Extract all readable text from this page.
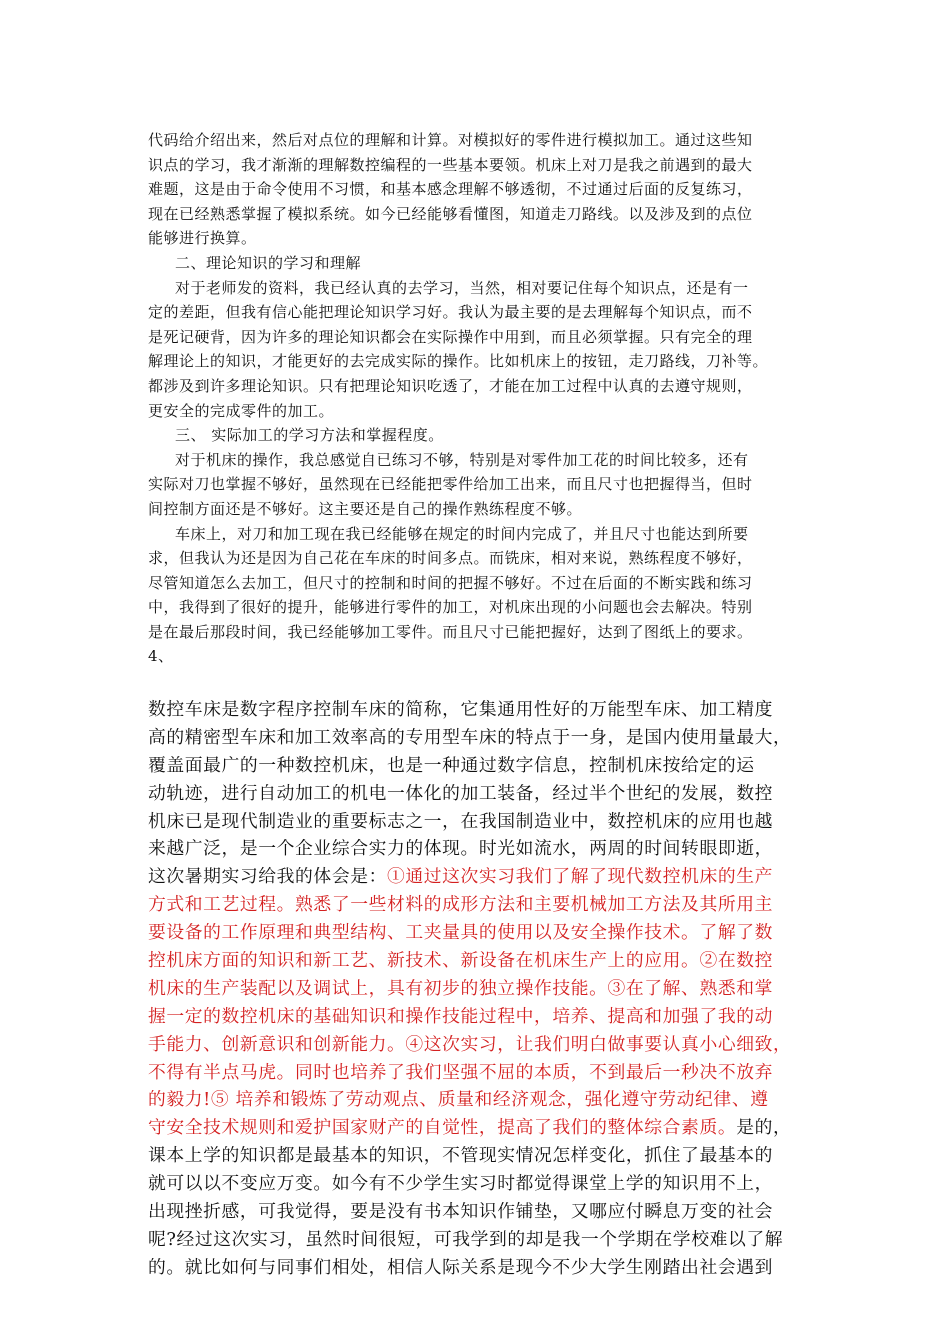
代码给介绍出来，然后对点位的理解和计算。对模拟好的零件进行模拟加工。通过这些知
识点的学习，我才渐渐的理解数控编程的一些基本要领。机床上对刀是我之前遇到的最大
难题，这是由于命令使用不习惯，和基本感念理解不够透彻，不过通过后面的反复练习，
现在已经熟悉掌握了模拟系统。如今已经能够看懂图，知道走刀路线。以及涉及到的点位
能够进行换算。
二、理论知识的学习和理解
对于老师发的资料，我已经认真的去学习，当然，相对要记住每个知识点，还是有一
定的差距，但我有信心能把理论知识学习好。我认为最主要的是去理解每个知识点，而不
是死记硬背，因为许多的理论知识都会在实际操作中用到，而且必须掌握。只有完全的理
解理论上的知识，才能更好的去完成实际的操作。比如机床上的按钮，走刀路线，刀补等。
都涉及到许多理论知识。只有把理论知识吃透了，才能在加工过程中认真的去遵守规则，
更安全的完成零件的加工。
三、 实际加工的学习方法和掌握程度。
对于机床的操作，我总感觉自已练习不够，特别是对零件加工花的时间比较多，还有
实际对刀也掌握不够好，虽然现在已经能把零件给加工出来，而且尺寸也把握得当，但时
间控制方面还是不够好。这主要还是自己的操作熟练程度不够。
车床上，对刀和加工现在我已经能够在规定的时间内完成了，并且尺寸也能达到所要
求，但我认为还是因为自己花在车床的时间多点。而铣床，相对来说，熟练程度不够好，
尽管知道怎么去加工，但尺寸的控制和时间的把握不够好。不过在后面的不断实践和练习
中，我得到了很好的提升，能够进行零件的加工，对机床出现的小问题也会去解决。特别
是在最后那段时间，我已经能够加工零件。而且尺寸已能把握好，达到了图纸上的要求。
4、
数控车床是数字程序控制车床的简称，它集通用性好的万能型车床、加工精度
高的精密型车床和加工效率高的专用型车床的特点于一身，是国内使用量最大，
覆盖面最广的一种数控机床，也是一种通过数字信息，控制机床按给定的运
动轨迹，进行自动加工的机电一体化的加工装备，经过半个世纪的发展，数控
机床已是现代制造业的重要标志之一，在我国制造业中，数控机床的应用也越
来越广泛，是一个企业综合实力的体现。时光如流水，两周的时间转眼即逝，
这次暑期实习给我的体会是：①通过这次实习我们了解了现代数控机床的生产
方式和工艺过程。熟悉了一些材料的成形方法和主要机械加工方法及其所用主
要设备的工作原理和典型结构、工夹量具的使用以及安全操作技术。了解了数
控机床方面的知识和新工艺、新技术、新设备在机床生产上的应用。②在数控
机床的生产装配以及调试上，具有初步的独立操作技能。③在了解、熟悉和掌
握一定的数控机床的基础知识和操作技能过程中，培养、提高和加强了我的动
手能力、创新意识和创新能力。④这次实习，让我们明白做事要认真小心细致，
不得有半点马虎。同时也培养了我们坚强不屈的本质，不到最后一秒决不放弃
的毅力!⑤ 培养和锻炼了劳动观点、质量和经济观念，强化遵守劳动纪律、遵
守安全技术规则和爱护国家财产的自觉性，提高了我们的整体综合素质。是的，
课本上学的知识都是最基本的知识，不管现实情况怎样变化，抓住了最基本的
就可以以不变应万变。如今有不少学生实习时都觉得课堂上学的知识用不上，
出现挫折感，可我觉得，要是没有书本知识作铺垫，又哪应付瞬息万变的社会
呢?经过这次实习，虽然时间很短，可我学到的却是我一个学期在学校难以了解
的。就比如何与同事们相处，相信人际关系是现今不少大学生刚踏出社会遇到
